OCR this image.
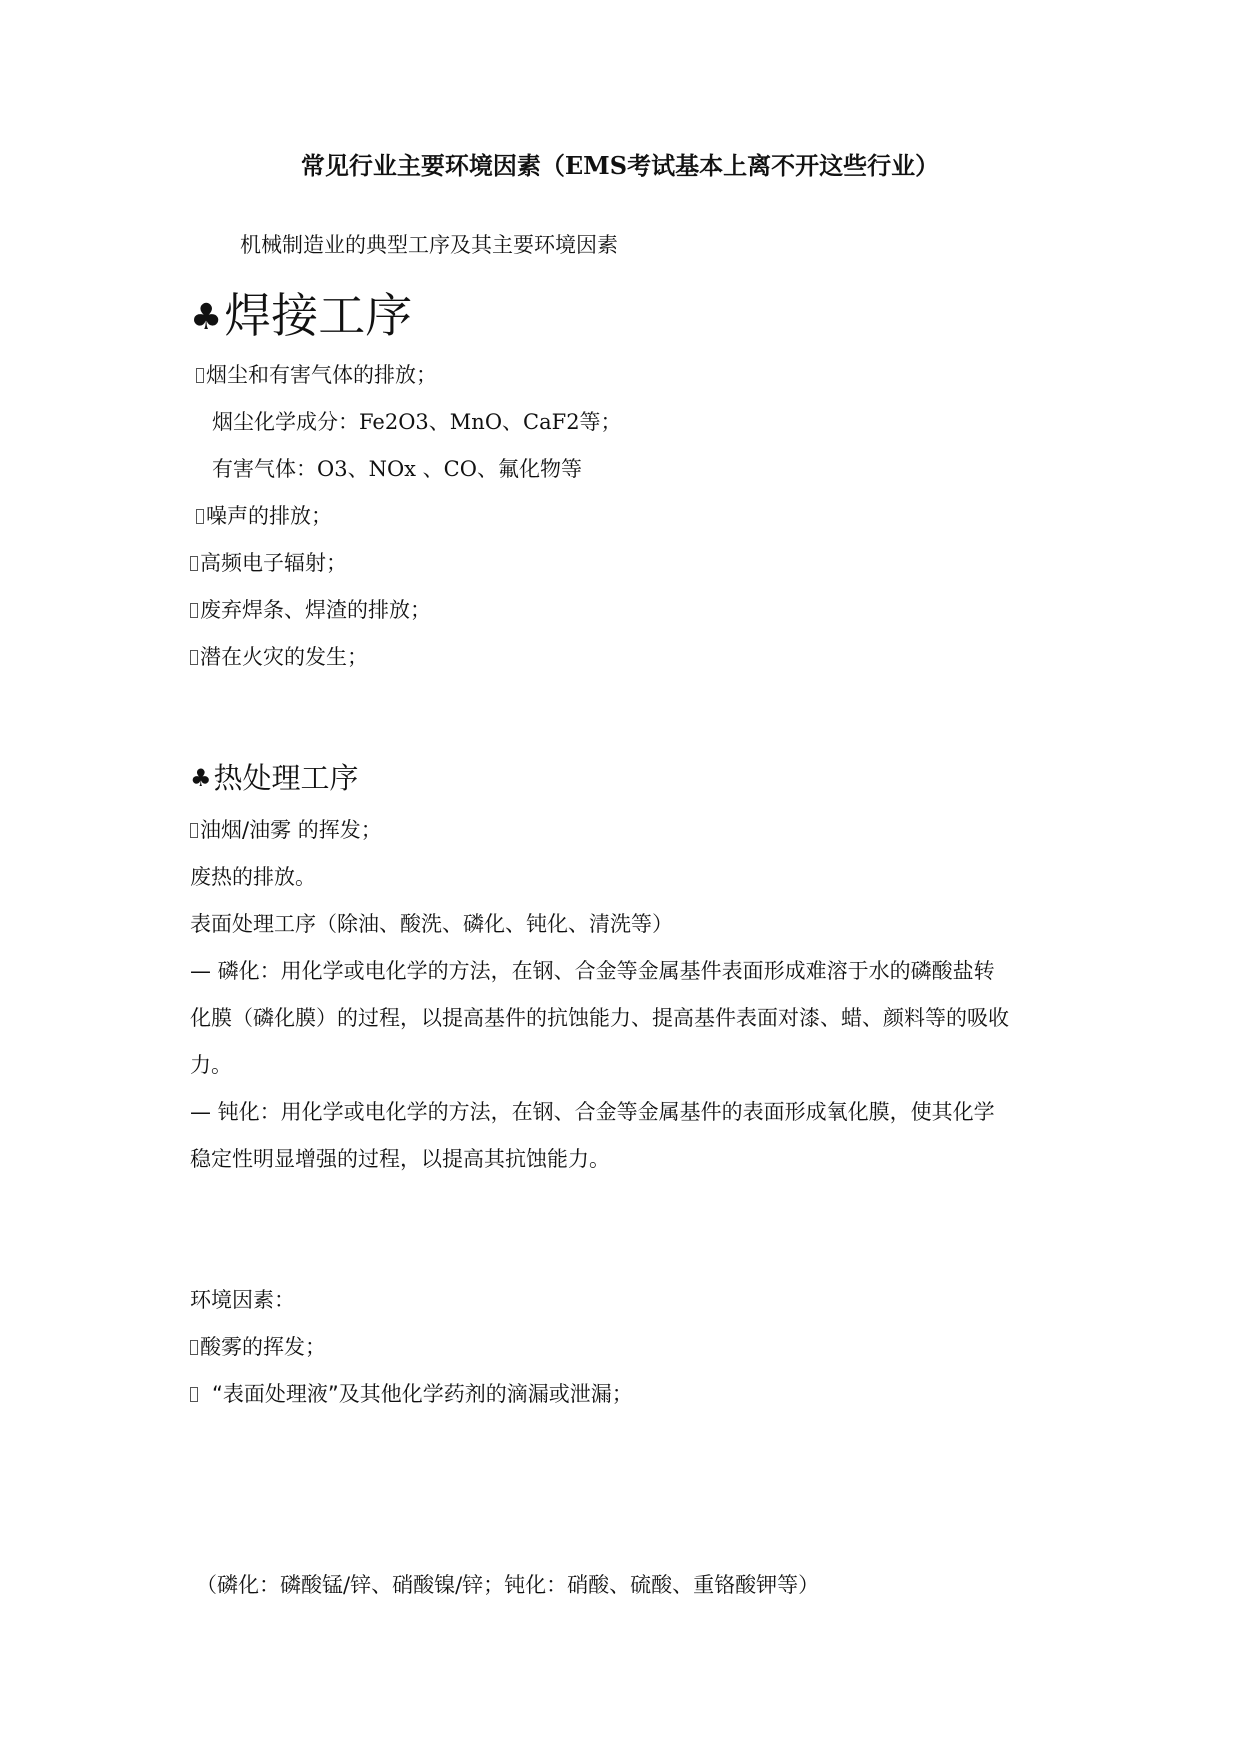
常见行业主要环境因素（EMS考试基本上离不开这些行业）
机械制造业的典型工序及其主要环境因素
♣焊接工序
烟尘和有害气体的排放；
烟尘化学成分：Fe2O3、MnO、CaF2等；
有害气体：O3、NOx 、CO、氟化物等
噪声的排放；
高频电子辐射；
废弃焊条、焊渣的排放；
潜在火灾的发生；
♣热处理工序
油烟/油雾 的挥发；
废热的排放。
表面处理工序（除油、酸洗、磷化、钝化、清洗等）
— 磷化：用化学或电化学的方法，在钢、合金等金属基件表面形成难溶于水的磷酸盐转
化膜（磷化膜）的过程，以提高基件的抗蚀能力、提高基件表面对漆、蜡、颜料等的吸收
力。
— 钝化：用化学或电化学的方法，在钢、合金等金属基件的表面形成氧化膜，使其化学
稳定性明显增强的过程，以提高其抗蚀能力。
环境因素：
酸雾的挥发；
“表面处理液”及其他化学药剂的滴漏或泄漏；
（磷化：磷酸锰/锌、硝酸镍/锌；钝化：硝酸、硫酸、重铬酸钾等）
